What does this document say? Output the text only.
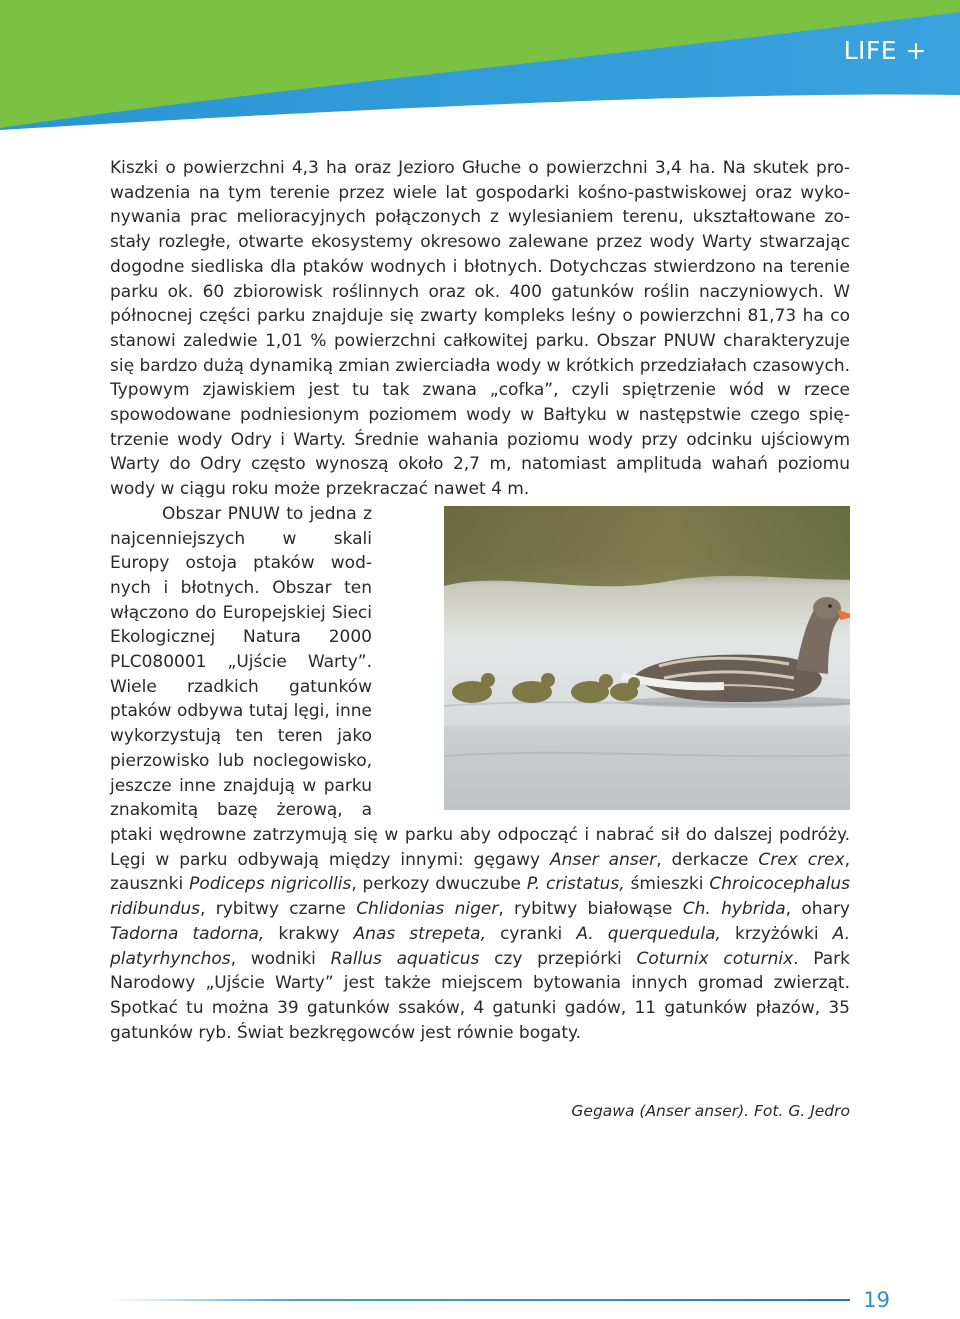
LIFE +

Kiszki o powierzchni 4,3 ha oraz Jezioro Głuche o powierzchni 3,4 ha. Na skutek prowadzenia na tym terenie przez wiele lat gospodarki kośno-pastwiskowej oraz wykonywania prac melioracyjnych połączonych z wylesianiem terenu, ukształtowane zostały rozległe, otwarte ekosystemy okresowo zalewane przez wody Warty stwarzając dogodne siedliska dla ptaków wodnych i błotnych. Dotychczas stwierdzono na terenie parku ok. 60 zbiorowisk roślinnych oraz ok. 400 gatunków roślin naczyniowych. W północnej części parku znajduje się zwarty kompleks leśny o powierzchni 81,73 ha co stanowi zaledwie 1,01 % powierzchni całkowitej parku. Obszar PNUW charakteryzuje się bardzo dużą dynamiką zmian zwierciadła wody w krótkich przedziałach czasowych. Typowym zjawiskiem jest tu tak zwana „cofka”, czyli spiętrzenie wód w rzece spowodowane podniesionym poziomem wody w Bałtyku w następstwie czego spiętrzenie wody Odry i Warty. Średnie wahania poziomu wody przy odcinku ujściowym Warty do Odry często wynoszą około 2,7 m, natomiast amplituda wahań poziomu wody w ciągu roku może przekraczać nawet 4 m.

Obszar PNUW to jedna z najcenniejszych w skali Europy ostoja ptaków wodnych i błotnych. Obszar ten włączono do Europejskiej Sieci Ekologicznej Natura 2000 PLC080001 „Ujście Warty”. Wiele rzadkich gatunków ptaków odbywa tutaj lęgi, inne wykorzystują ten teren jako pierzowisko lub noclegowisko, jeszcze inne znajdują w parku znakomitą bazę żerową, a ptaki wędrowne zatrzymują się w parku aby odpocząć i nabrać sił do dalszej podróży. Lęgi w parku odbywają między innymi: gęgawy Anser anser, derkacze Crex crex, zausznki Podiceps nigricollis, perkozy dwuczube P. cristatus, śmieszki Chroicocephalus ridibundus, rybitwy czarne Chlidonias niger, rybitwy białowąse Ch. hybrida, ohary Tadorna tadorna, krakwy Anas strepeta, cyranki A. querquedula, krzyżówki A. platyrhynchos, wodniki Rallus aquaticus czy przepiórki Coturnix coturnix. Park Narodowy „Ujście Warty” jest także miejscem bytowania innych gromad zwierząt. Spotkać tu można 39 gatunków ssaków, 4 gatunki gadów, 11 gatunków płazów, 35 gatunków ryb. Świat bezkręgowców jest równie bogaty.

Gegawa (Anser anser). Fot. G. Jedro
19
